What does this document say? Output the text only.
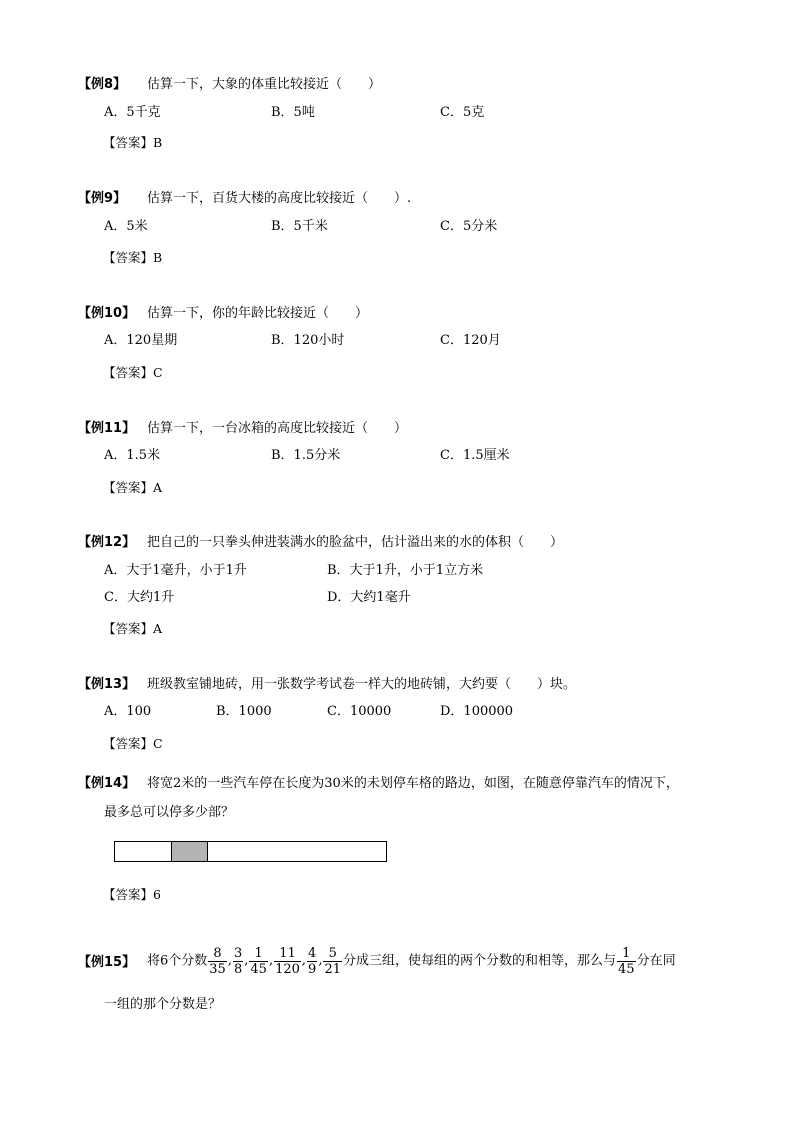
【例8】 估算一下，大象的体重比较接近（　　）
A．5千克	B．5吨	C．5克
【答案】B
【例9】 估算一下，百货大楼的高度比较接近（　　）.
A．5米	B．5千米	C．5分米
【答案】B
【例10】 估算一下，你的年龄比较接近（　　）
A．120星期	B．120小时	C．120月
【答案】C
【例11】 估算一下，一台冰箱的高度比较接近（　　）
A．1.5米	B．1.5分米	C．1.5厘米
【答案】A
【例12】 把自己的一只拳头伸进装满水的脸盆中，估计溢出来的水的体积（　　）
A．大于1毫升，小于1升	B．大于1升，小于1立方米
C．大约1升	D．大约1毫升
【答案】A
【例13】 班级教室铺地砖，用一张数学考试卷一样大的地砖铺，大约要（　　）块。
A．100	B．1000	C．10000	D．100000
【答案】C
【例14】 将宽2米的一些汽车停在长度为30米的未划停车格的路边，如图，在随意停靠汽车的情况下，
最多总可以停多少部？
【答案】6
【例15】 将6个分数 $\frac{8}{35}$ , $\frac{3}{8}$ , $\frac{1}{45}$ , $\frac{11}{120}$ , $\frac{4}{9}$ , $\frac{5}{21}$ 分成三组，使每组的两个分数的和相等，那么与 $\frac{1}{45}$ 分在同
一组的那个分数是？
